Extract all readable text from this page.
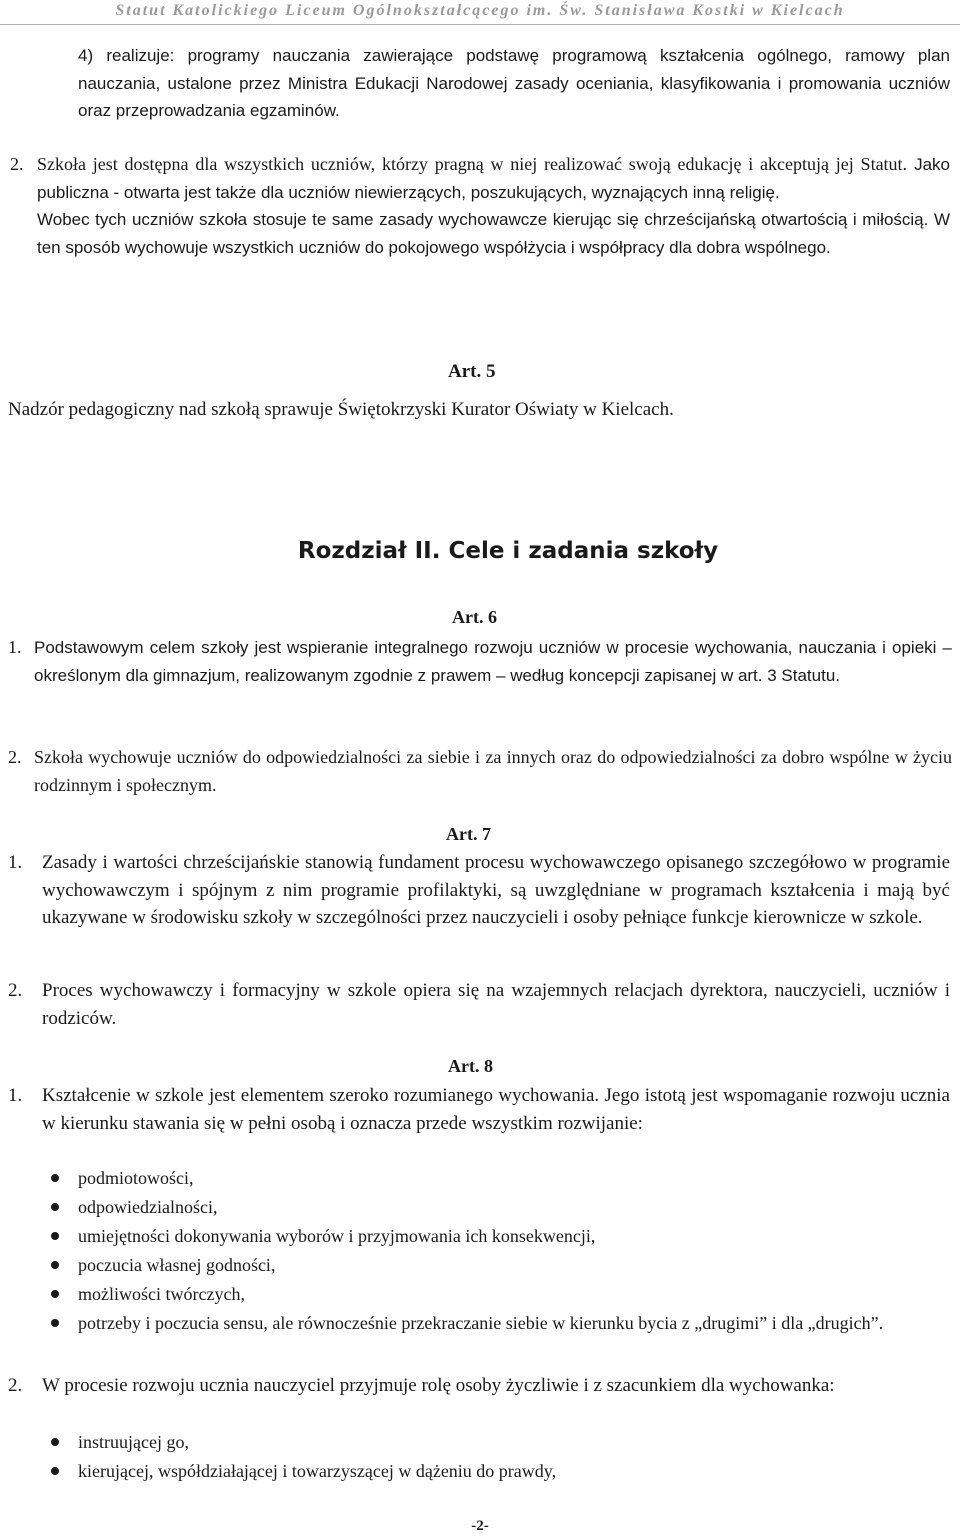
Statut Katolickiego Liceum Ogólnokształcącego im. Św. Stanisława Kostki w Kielcach
4) realizuje: programy nauczania zawierające podstawę programową kształcenia ogólnego, ramowy plan nauczania, ustalone przez Ministra Edukacji Narodowej zasady oceniania, klasyfikowania i promowania uczniów oraz przeprowadzania egzaminów.
2. Szkoła jest dostępna dla wszystkich uczniów, którzy pragną w niej realizować swoją edukację i akceptują jej Statut. Jako publiczna - otwarta jest także dla uczniów niewierzących, poszukujących, wyznających inną religię.
Wobec tych uczniów szkoła stosuje te same zasady wychowawcze kierując się chrześcijańską otwartością i miłością. W ten sposób wychowuje wszystkich uczniów do pokojowego współżycia i współpracy dla dobra wspólnego.
Art. 5
Nadzór pedagogiczny nad szkołą sprawuje Świętokrzyski Kurator Oświaty w Kielcach.
Rozdział II. Cele i zadania szkoły
Art. 6
1. Podstawowym celem szkoły jest wspieranie integralnego rozwoju uczniów w procesie wychowania, nauczania i opieki – określonym dla gimnazjum, realizowanym zgodnie z prawem – według koncepcji zapisanej w art. 3 Statutu.
2. Szkoła wychowuje uczniów do odpowiedzialności za siebie i za innych oraz do odpowiedzialności za dobro wspólne w życiu rodzinnym i społecznym.
Art. 7
1. Zasady i wartości chrześcijańskie stanowią fundament procesu wychowawczego opisanego szczegółowo w programie wychowawczym i spójnym z nim programie profilaktyki, są uwzględniane w programach kształcenia i mają być ukazywane w środowisku szkoły w szczególności przez nauczycieli i osoby pełniące funkcje kierownicze w szkole.
2. Proces wychowawczy i formacyjny w szkole opiera się na wzajemnych relacjach dyrektora, nauczycieli, uczniów i rodziców.
Art. 8
1. Kształcenie w szkole jest elementem szeroko rozumianego wychowania. Jego istotą jest wspomaganie rozwoju ucznia w kierunku stawania się w pełni osobą i oznacza przede wszystkim rozwijanie:
podmiotowości,
odpowiedzialności,
umiejętności dokonywania wyborów i przyjmowania ich konsekwencji,
poczucia własnej godności,
możliwości twórczych,
potrzeby i poczucia sensu, ale równocześnie przekraczanie siebie w kierunku bycia z „drugimi” i dla „drugich”.
2. W procesie rozwoju ucznia nauczyciel przyjmuje rolę osoby życzliwie i z szacunkiem dla wychowanka:
instruującej go,
kierującej, współdziałającej i towarzyszącej w dążeniu do prawdy,
-2-
